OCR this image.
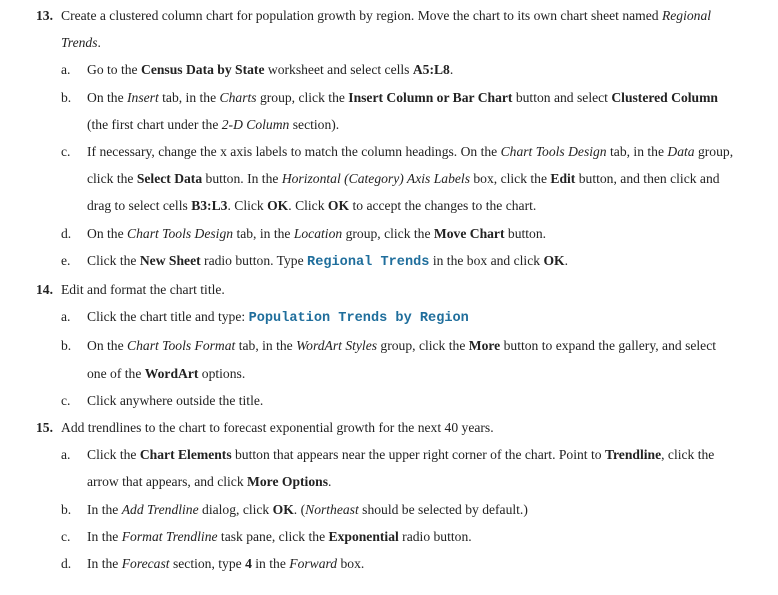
13. Create a clustered column chart for population growth by region. Move the chart to its own chart sheet named Regional Trends.
a. Go to the Census Data by State worksheet and select cells A5:L8.
b. On the Insert tab, in the Charts group, click the Insert Column or Bar Chart button and select Clustered Column (the first chart under the 2-D Column section).
c. If necessary, change the x axis labels to match the column headings. On the Chart Tools Design tab, in the Data group, click the Select Data button. In the Horizontal (Category) Axis Labels box, click the Edit button, and then click and drag to select cells B3:L3. Click OK. Click OK to accept the changes to the chart.
d. On the Chart Tools Design tab, in the Location group, click the Move Chart button.
e. Click the New Sheet radio button. Type Regional Trends in the box and click OK.
14. Edit and format the chart title.
a. Click the chart title and type: Population Trends by Region
b. On the Chart Tools Format tab, in the WordArt Styles group, click the More button to expand the gallery, and select one of the WordArt options.
c. Click anywhere outside the title.
15. Add trendlines to the chart to forecast exponential growth for the next 40 years.
a. Click the Chart Elements button that appears near the upper right corner of the chart. Point to Trendline, click the arrow that appears, and click More Options.
b. In the Add Trendline dialog, click OK. (Northeast should be selected by default.)
c. In the Format Trendline task pane, click the Exponential radio button.
d. In the Forecast section, type 4 in the Forward box.
